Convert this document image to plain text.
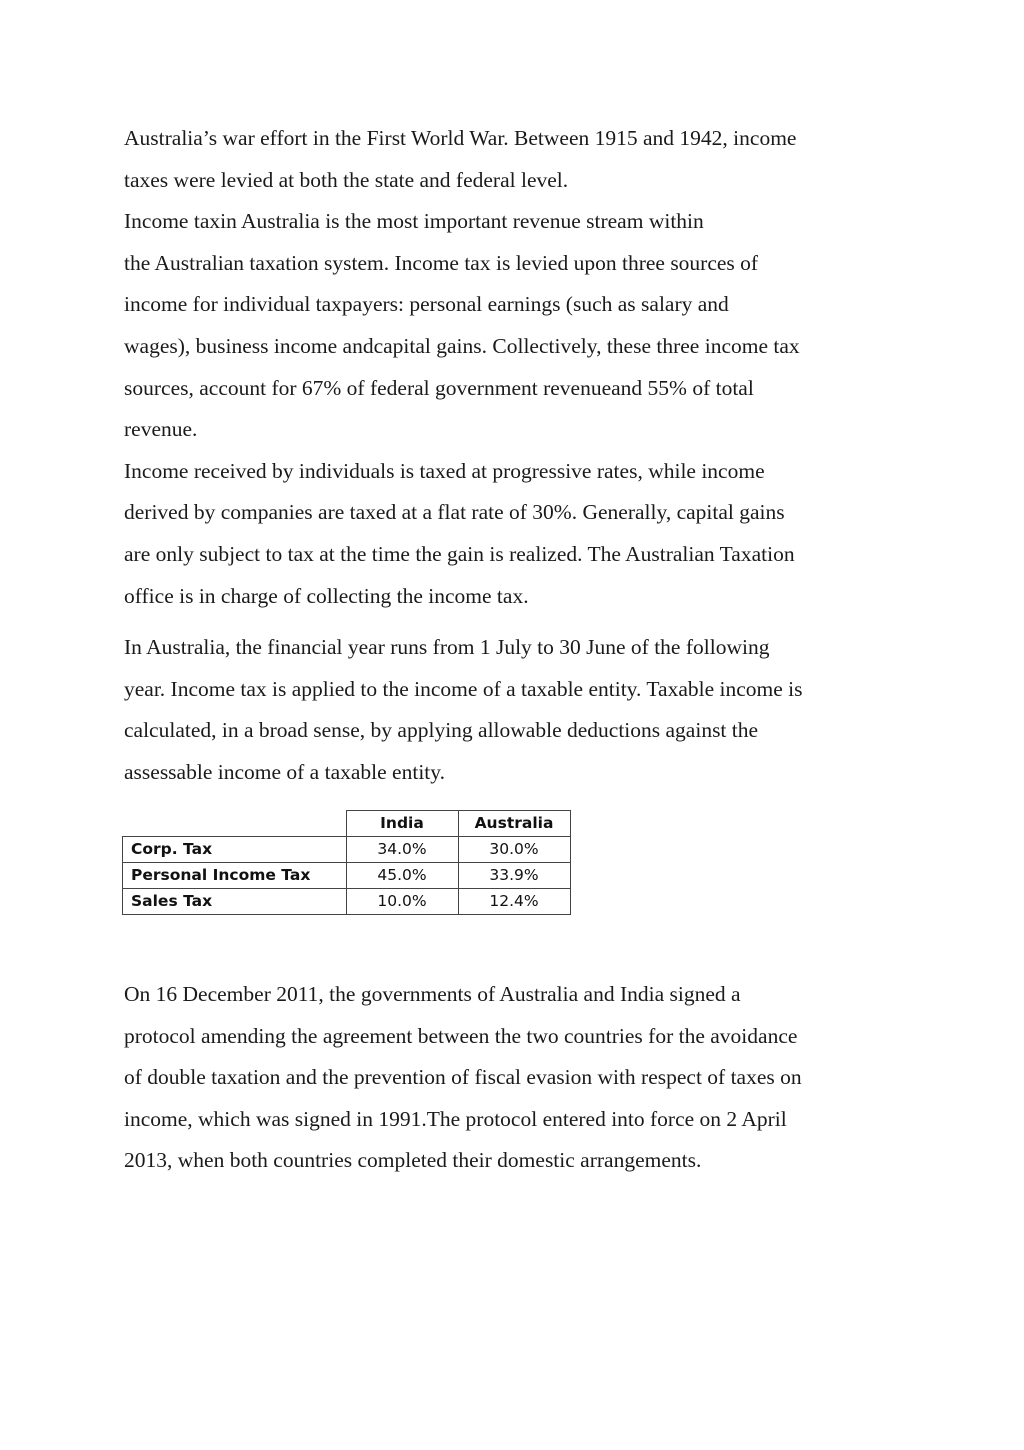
Australia’s war effort in the First World War. Between 1915 and 1942, income
taxes were levied at both the state and federal level.
Income taxin Australia is the most important revenue stream within
the Australian taxation system. Income tax is levied upon three sources of
income for individual taxpayers: personal earnings (such as salary and
wages), business income andcapital gains. Collectively, these three income tax
sources, account for 67% of federal government revenueand 55% of total
revenue.
Income received by individuals is taxed at progressive rates, while income
derived by companies are taxed at a flat rate of 30%. Generally, capital gains
are only subject to tax at the time the gain is realized. The Australian Taxation
office is in charge of collecting the income tax.
In Australia, the financial year runs from 1 July to 30 June of the following
year. Income tax is applied to the income of a taxable entity. Taxable income is
calculated, in a broad sense, by applying allowable deductions against the
assessable income of a taxable entity.
	India	Australia
Corp. Tax	34.0%	30.0%
Personal Income Tax	45.0%	33.9%
Sales Tax	10.0%	12.4%
On 16 December 2011, the governments of Australia and India signed a
protocol amending the agreement between the two countries for the avoidance
of double taxation and the prevention of fiscal evasion with respect of taxes on
income, which was signed in 1991.The protocol entered into force on 2 April
2013, when both countries completed their domestic arrangements.
